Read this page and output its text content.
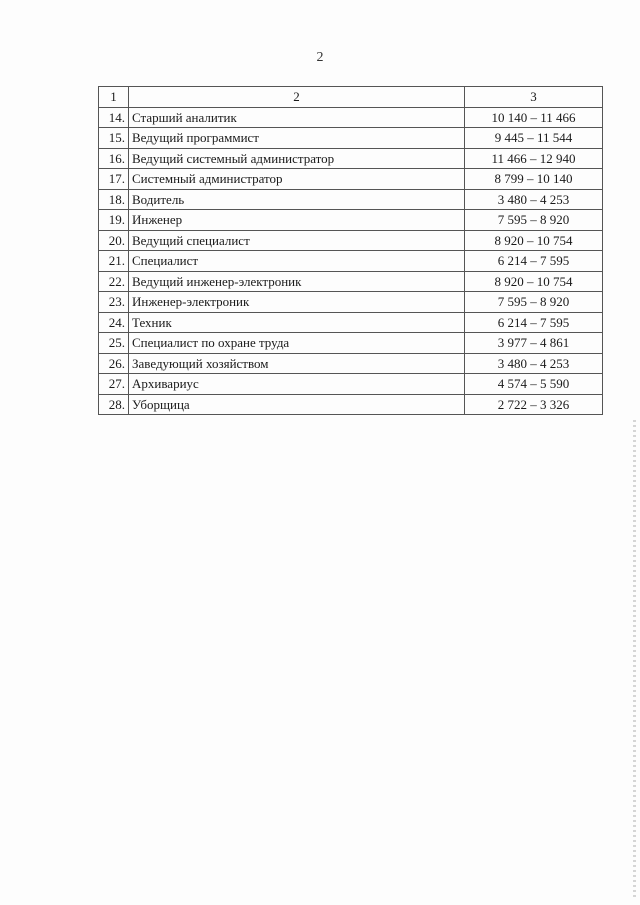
2
1	2	3
14.	Старший аналитик	10 140 – 11 466
15.	Ведущий программист	9 445 – 11 544
16.	Ведущий системный администратор	11 466 – 12 940
17.	Системный администратор	8 799 – 10 140
18.	Водитель	3 480 – 4 253
19.	Инженер	7 595 – 8 920
20.	Ведущий специалист	8 920 – 10 754
21.	Специалист	6 214 – 7 595
22.	Ведущий инженер-электроник	8 920 – 10 754
23.	Инженер-электроник	7 595 – 8 920
24.	Техник	6 214 – 7 595
25.	Специалист по охране труда	3 977 – 4 861
26.	Заведующий хозяйством	3 480 – 4 253
27.	Архивариус	4 574 – 5 590
28.	Уборщица	2 722 – 3 326
